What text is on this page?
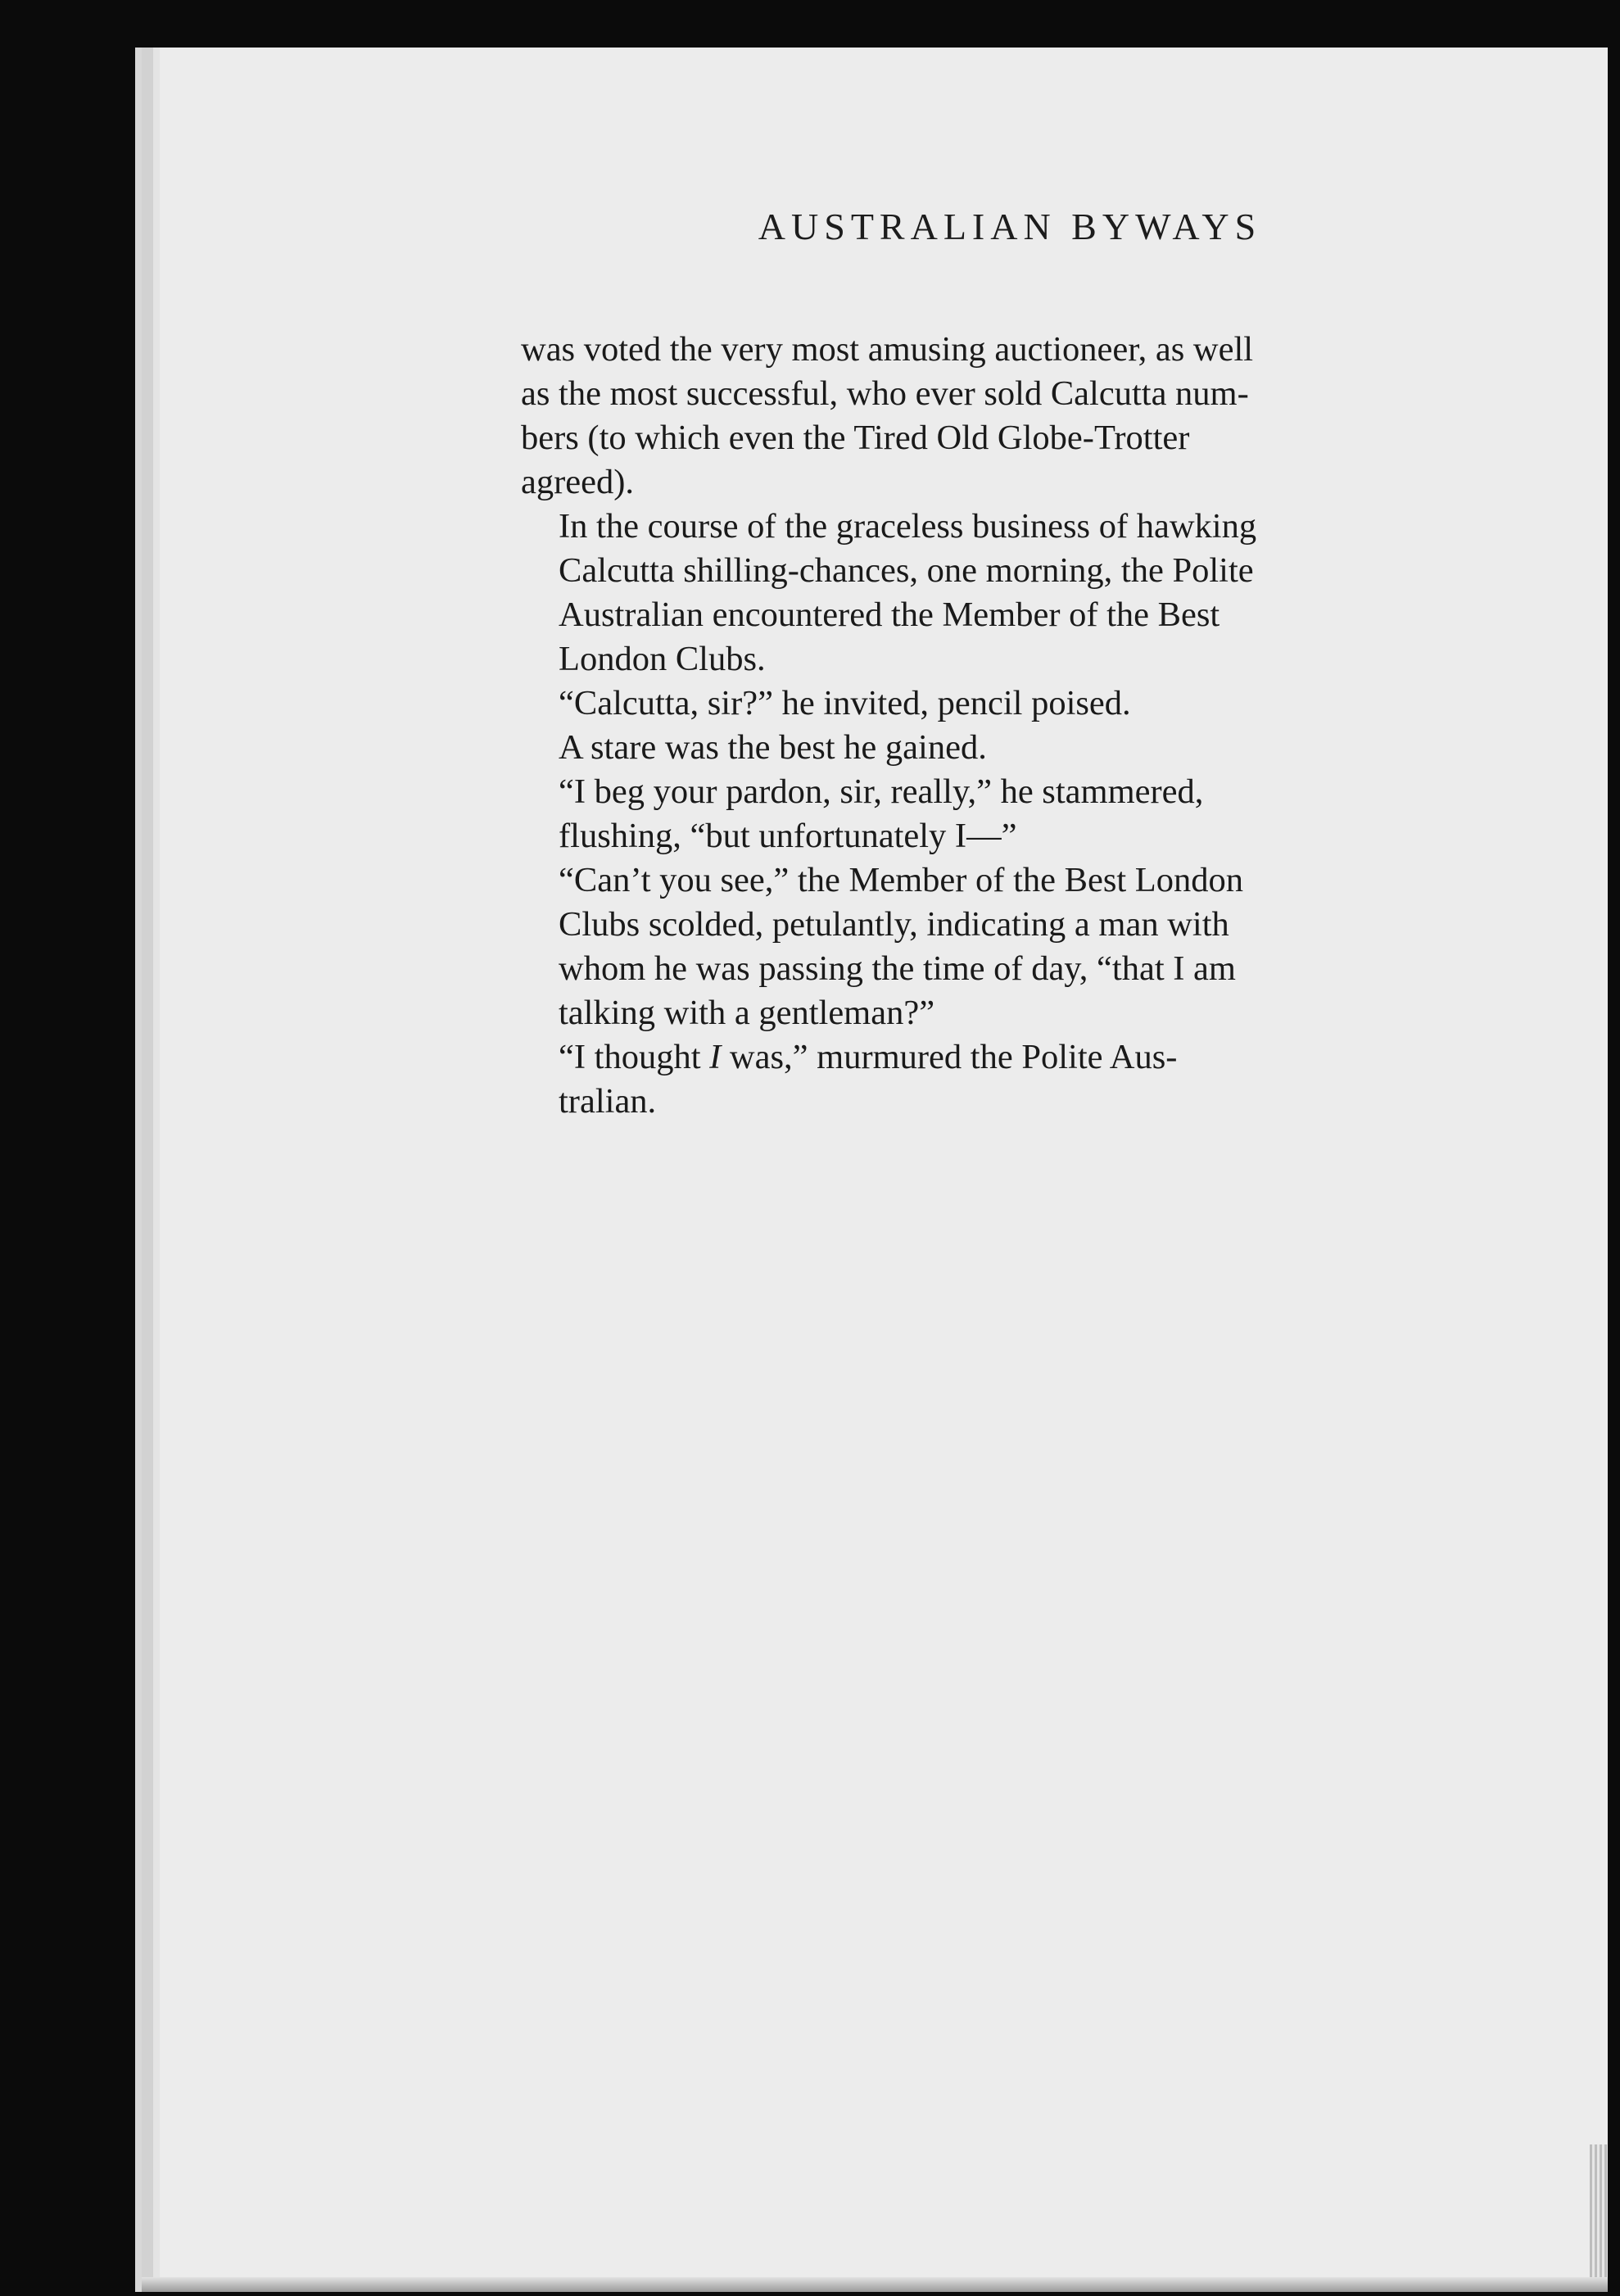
AUSTRALIAN BYWAYS

was voted the very most amusing auctioneer, as well
as the most successful, who ever sold Calcutta num-
bers (to which even the Tired Old Globe-Trotter
agreed).

In the course of the graceless business of hawking
Calcutta shilling-chances, one morning, the Polite
Australian encountered the Member of the Best
London Clubs.

“Calcutta, sir?” he invited, pencil poised.

A stare was the best he gained.

“I beg your pardon, sir, really,” he stammered,
flushing, “but unfortunately I—”

“Can’t you see,” the Member of the Best London
Clubs scolded, petulantly, indicating a man with
whom he was passing the time of day, “that I am
talking with a gentleman?”

“I thought I was,” murmured the Polite Aus-
tralian.
